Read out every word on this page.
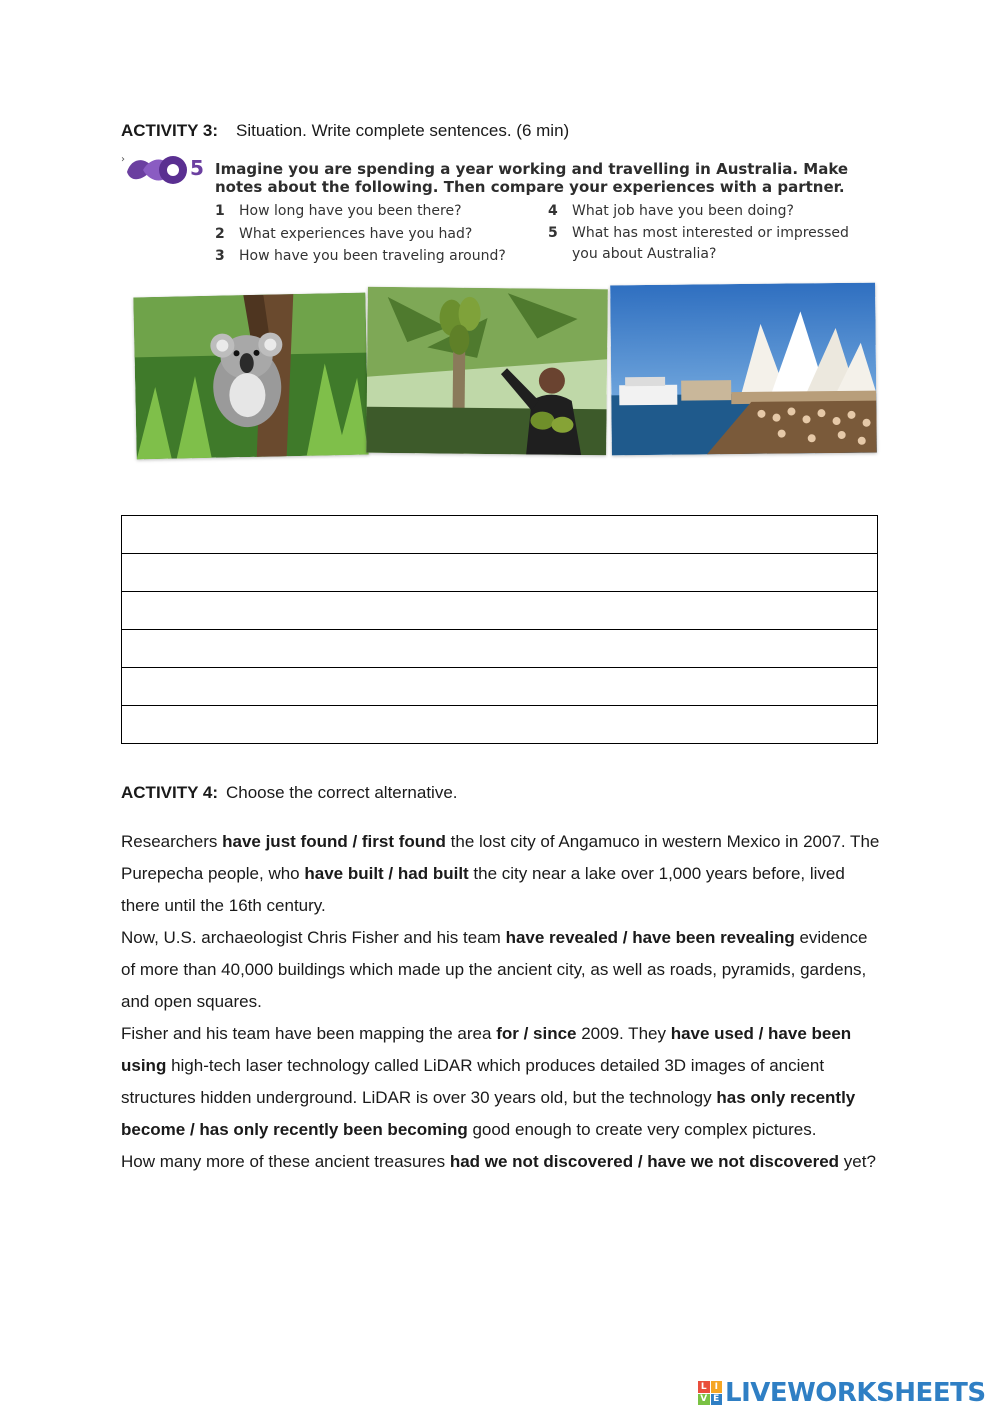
ACTIVITY 3: Situation. Write complete sentences. (6 min)
›	5 Imagine you are spending a year working and travelling in Australia. Make notes about the following. Then compare your experiences with a partner.
1 How long have you been there?
2 What experiences have you had?
3 How have you been traveling around?
4 What job have you been doing?
5 What has most interested or impressed you about Australia?

ACTIVITY 4: Choose the correct alternative.

Researchers have just found / first found the lost city of Angamuco in western Mexico in 2007. The Purepecha people, who have built / had built the city near a lake over 1,000 years before, lived there until the 16th century.

Now, U.S. archaeologist Chris Fisher and his team have revealed / have been revealing evidence of more than 40,000 buildings which made up the ancient city, as well as roads, pyramids, gardens, and open squares.

Fisher and his team have been mapping the area for / since 2009. They have used / have been using high-tech laser technology called LiDAR which produces detailed 3D images of ancient structures hidden underground. LiDAR is over 30 years old, but the technology has only recently become / has only recently been becoming good enough to create very complex pictures.

How many more of these ancient treasures had we not discovered / have we not discovered yet?

L I
V E LIVEWORKSHEETS
